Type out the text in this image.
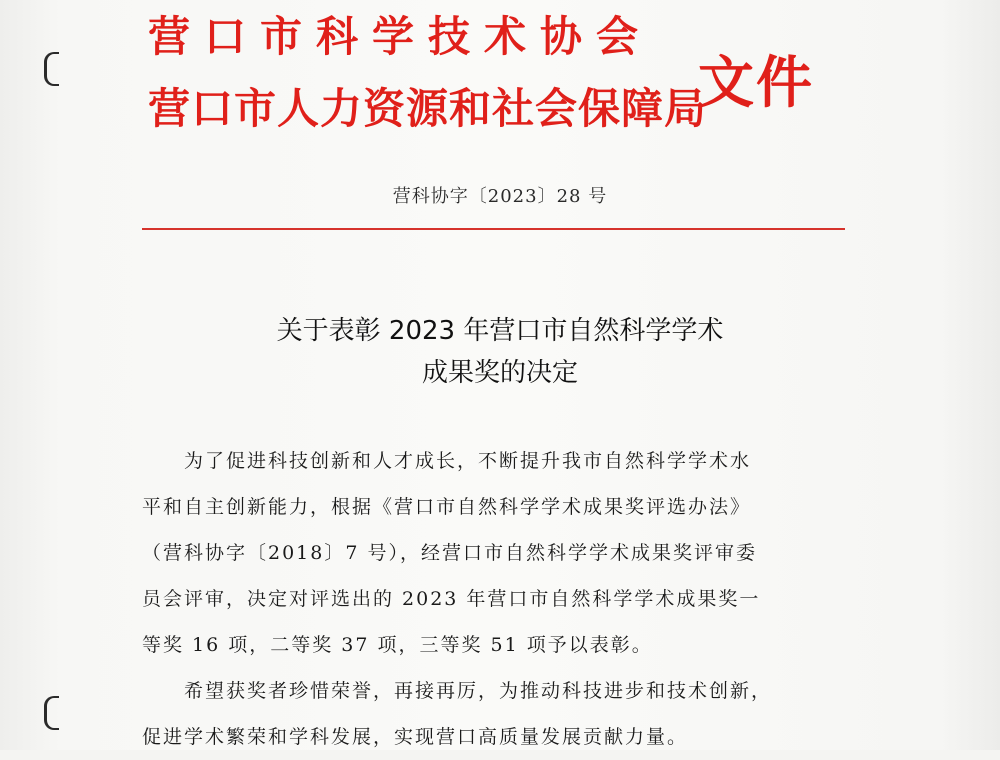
营口市科学技术协会
营口市人力资源和社会保障局
文件
营科协字〔2023〕28 号
关于表彰 2023 年营口市自然科学学术
成果奖的决定
为了促进科技创新和人才成长，不断提升我市自然科学学术水
平和自主创新能力，根据《营口市自然科学学术成果奖评选办法》
（营科协字〔2018〕7 号），经营口市自然科学学术成果奖评审委
员会评审，决定对评选出的 2023 年营口市自然科学学术成果奖一
等奖 16 项，二等奖 37 项，三等奖 51 项予以表彰。
希望获奖者珍惜荣誉，再接再厉，为推动科技进步和技术创新，
促进学术繁荣和学科发展，实现营口高质量发展贡献力量。
